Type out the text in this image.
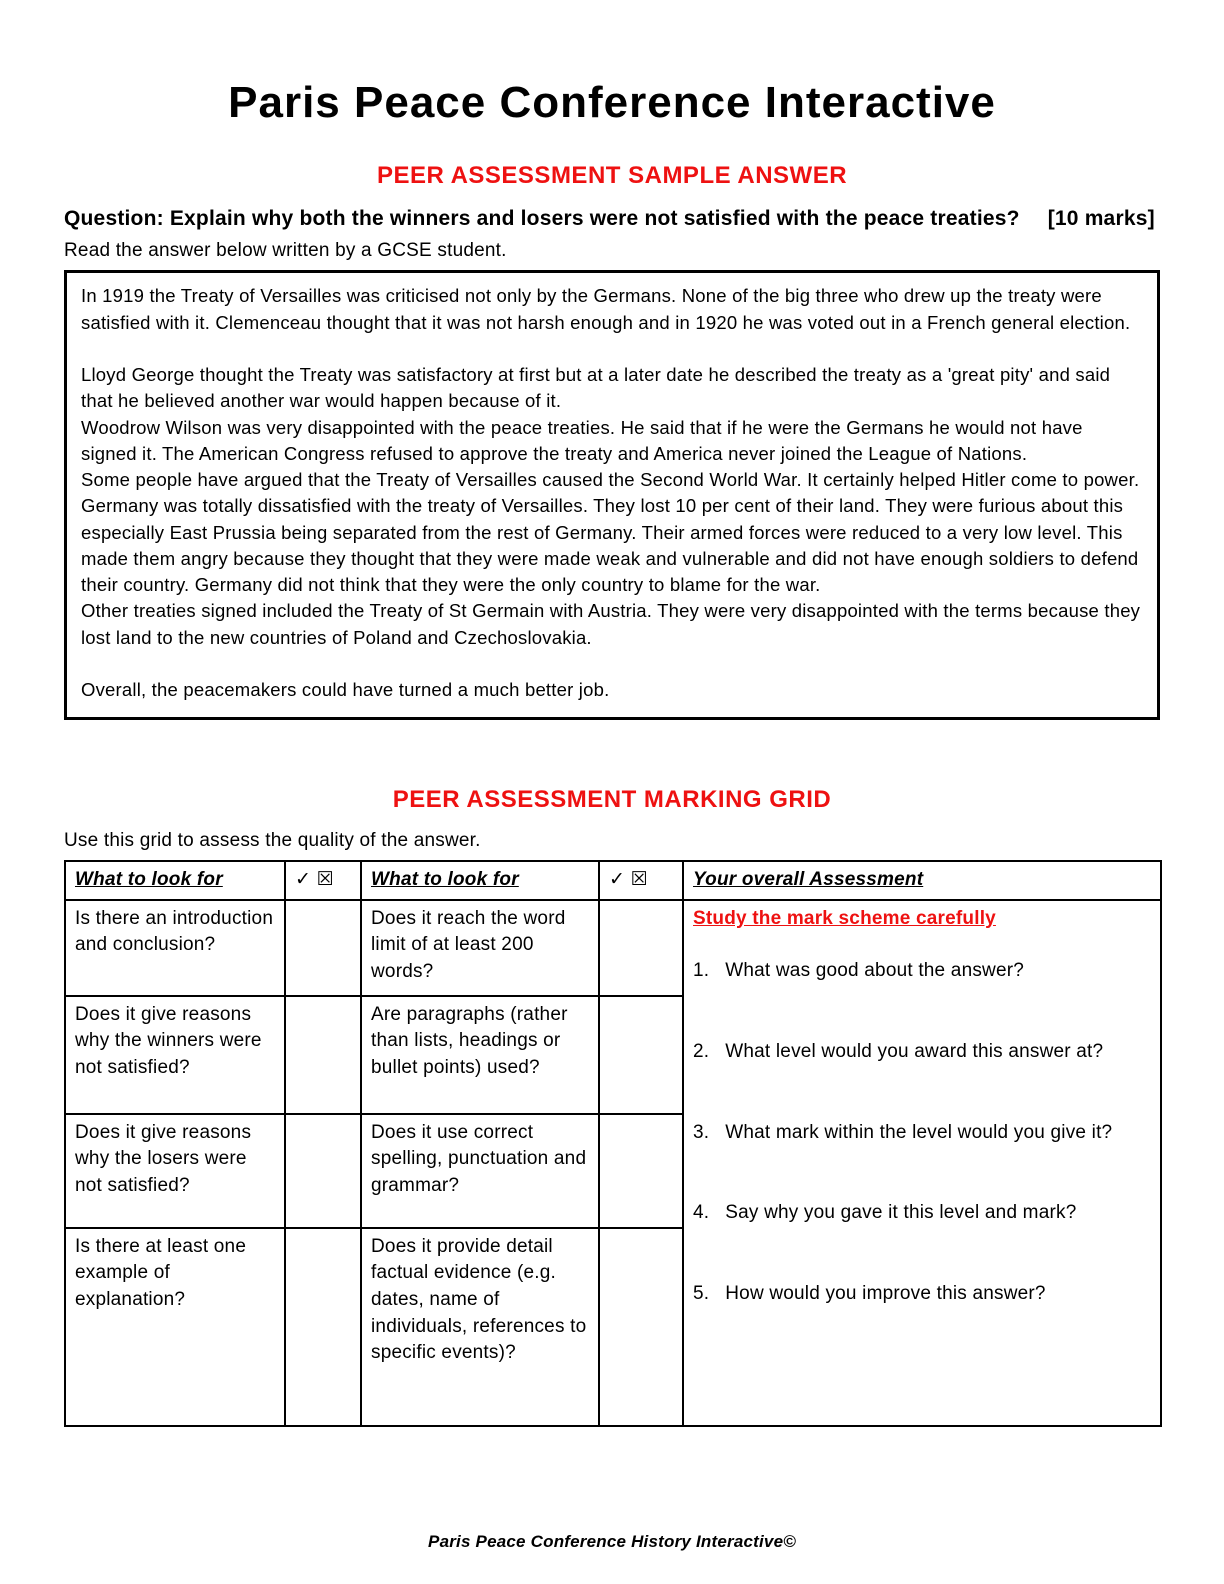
Paris Peace Conference Interactive
PEER ASSESSMENT SAMPLE ANSWER

Question: Explain why both the winners and losers were not satisfied with the peace treaties? [10 marks]

Read the answer below written by a GCSE student.

In 1919 the Treaty of Versailles was criticised not only by the Germans. None of the big three who drew up the treaty were satisfied with it. Clemenceau thought that it was not harsh enough and in 1920 he was voted out in a French general election.

Lloyd George thought the Treaty was satisfactory at first but at a later date he described the treaty as a 'great pity' and said that he believed another war would happen because of it.

Woodrow Wilson was very disappointed with the peace treaties. He said that if he were the Germans he would not have signed it. The American Congress refused to approve the treaty and America never joined the League of Nations.

Some people have argued that the Treaty of Versailles caused the Second World War. It certainly helped Hitler come to power.

Germany was totally dissatisfied with the treaty of Versailles. They lost 10 per cent of their land. They were furious about this especially East Prussia being separated from the rest of Germany. Their armed forces were reduced to a very low level. This made them angry because they thought that they were made weak and vulnerable and did not have enough soldiers to defend their country. Germany did not think that they were the only country to blame for the war.

Other treaties signed included the Treaty of St Germain with Austria. They were very disappointed with the terms because they lost land to the new countries of Poland and Czechoslovakia.

Overall, the peacemakers could have turned a much better job.

PEER ASSESSMENT MARKING GRID

Use this grid to assess the quality of the answer.

What to look for	✓ ☒	What to look for	✓ ☒	Your overall Assessment
Is there an introduction and conclusion?		Does it reach the word limit of at least 200 words?		
Study the mark scheme carefully
1. What was good about the answer?
2. What level would you award this answer at?
3. What mark within the level would you give it?
4. Say why you gave it this level and mark?
5. How would you improve this answer?

Does it give reasons why the winners were not satisfied?		Are paragraphs (rather than lists, headings or bullet points) used?		
Does it give reasons why the losers were not satisfied?		Does it use correct spelling, punctuation and grammar?		
Is there at least one example of explanation?		Does it provide detail factual evidence (e.g. dates, name of individuals, references to specific events)?		
Paris Peace Conference History Interactive©
